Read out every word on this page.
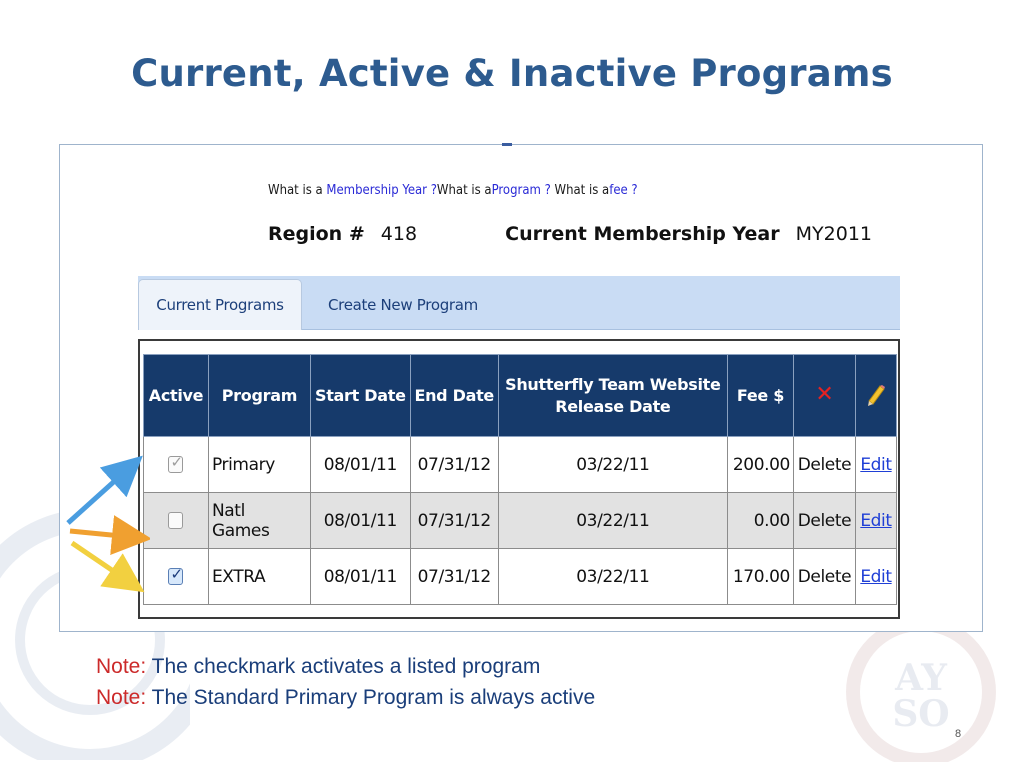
AY
SO
Current, Active & Inactive Programs
What is a Membership Year ?What is aProgram ? What is afee ?
Region # 418	Current Membership Year MY2011
Current Programs	Create New Program
Active	Program	Start Date	End Date	Shutterfly Team Website
Release Date	Fee $	✕	
✓	Primary	08/01/11	07/31/12	03/22/11	200.00	Delete	Edit
	Natl Games	08/01/11	07/31/12	03/22/11	0.00	Delete	Edit
✓	EXTRA	08/01/11	07/31/12	03/22/11	170.00	Delete	Edit
Note: The checkmark activates a listed program
Note: The Standard Primary Program is always active
8
